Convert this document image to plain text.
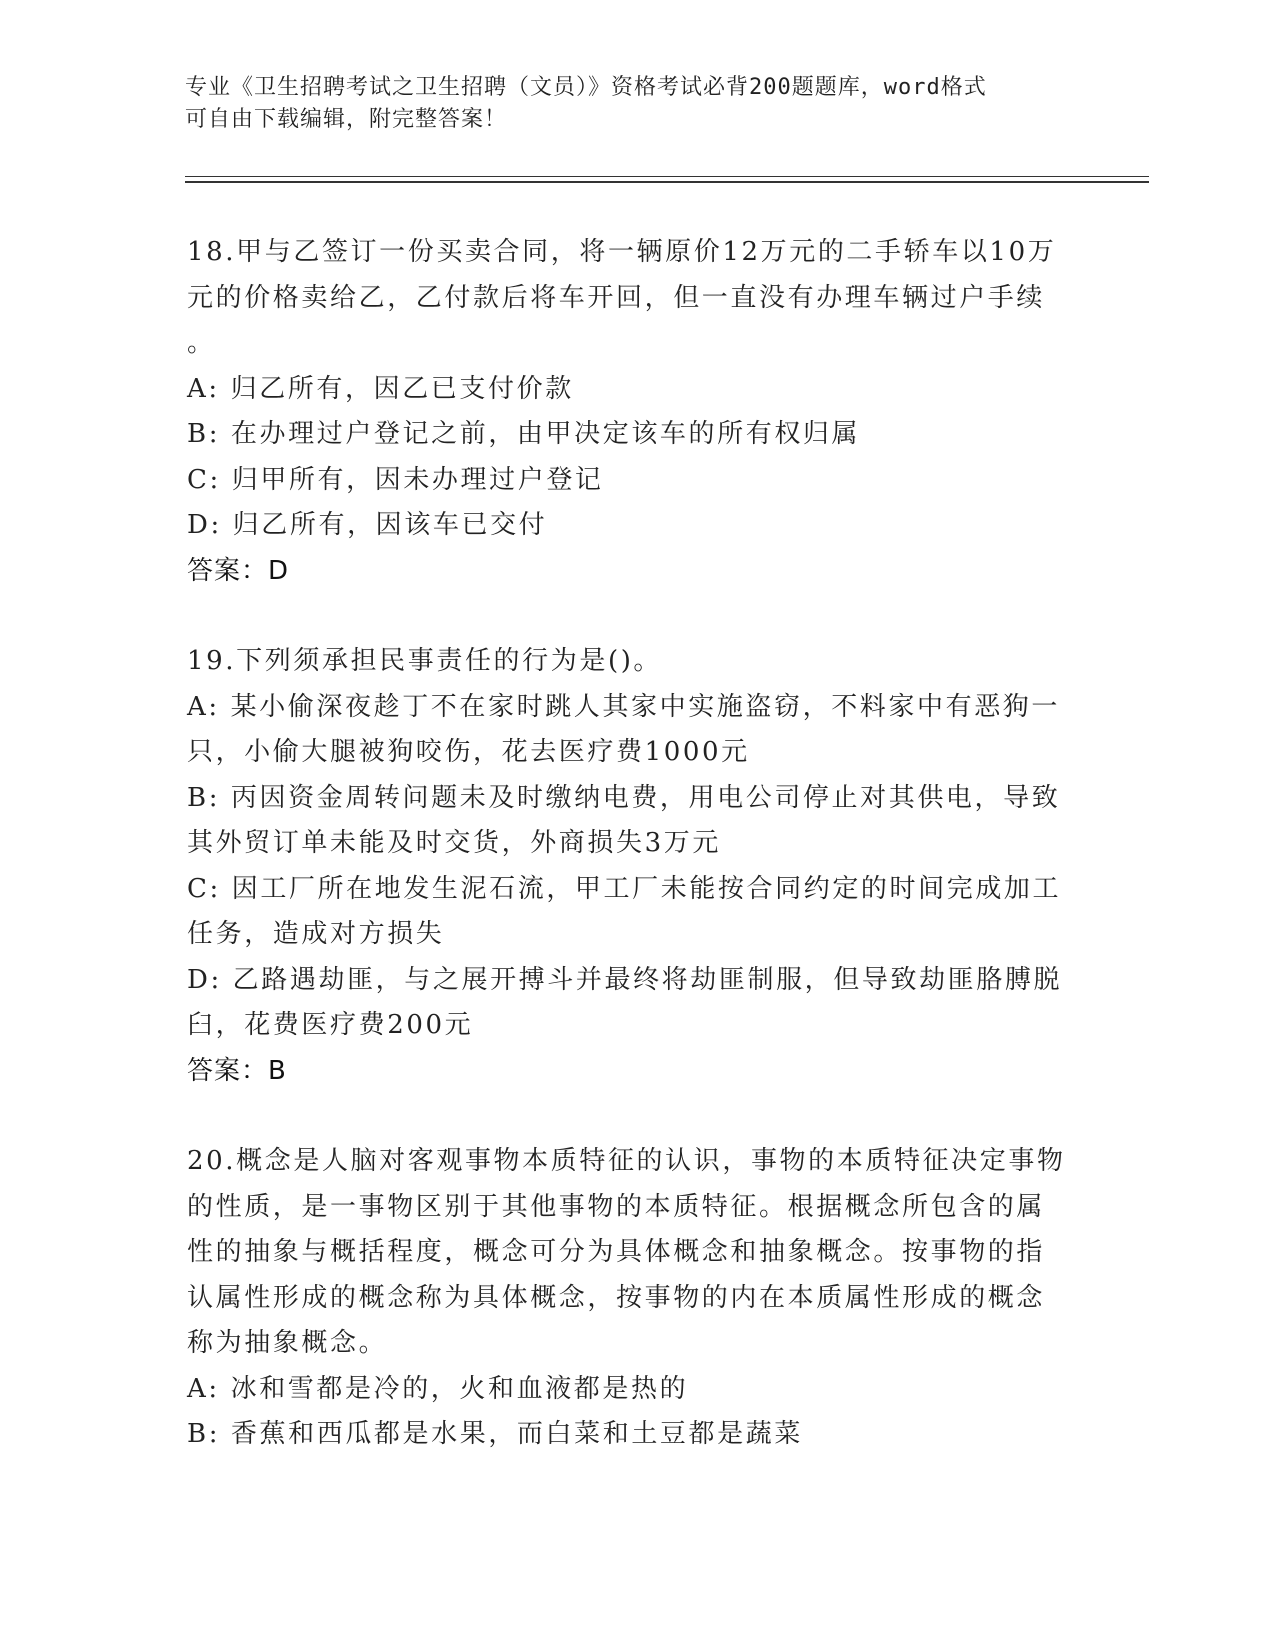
专业《卫生招聘考试之卫生招聘（文员）》资格考试必背200题题库，word格式
可自由下载编辑，附完整答案！
18.甲与乙签订一份买卖合同，将一辆原价12万元的二手轿车以10万
元的价格卖给乙，乙付款后将车开回，但一直没有办理车辆过户手续
。
A: 归乙所有，因乙已支付价款
B: 在办理过户登记之前，由甲决定该车的所有权归属
C: 归甲所有，因未办理过户登记
D: 归乙所有，因该车已交付
答案：D
19.下列须承担民事责任的行为是()。
A: 某小偷深夜趁丁不在家时跳人其家中实施盗窃，不料家中有恶狗一
只，小偷大腿被狗咬伤，花去医疗费1000元
B: 丙因资金周转问题未及时缴纳电费，用电公司停止对其供电，导致
其外贸订单未能及时交货，外商损失3万元
C: 因工厂所在地发生泥石流，甲工厂未能按合同约定的时间完成加工
任务，造成对方损失
D: 乙路遇劫匪，与之展开搏斗并最终将劫匪制服，但导致劫匪胳膊脱
臼，花费医疗费200元
答案：B
20.概念是人脑对客观事物本质特征的认识，事物的本质特征决定事物
的性质，是一事物区别于其他事物的本质特征。根据概念所包含的属
性的抽象与概括程度，概念可分为具体概念和抽象概念。按事物的指
认属性形成的概念称为具体概念，按事物的内在本质属性形成的概念
称为抽象概念。
A: 冰和雪都是冷的，火和血液都是热的
B: 香蕉和西瓜都是水果，而白菜和土豆都是蔬菜
